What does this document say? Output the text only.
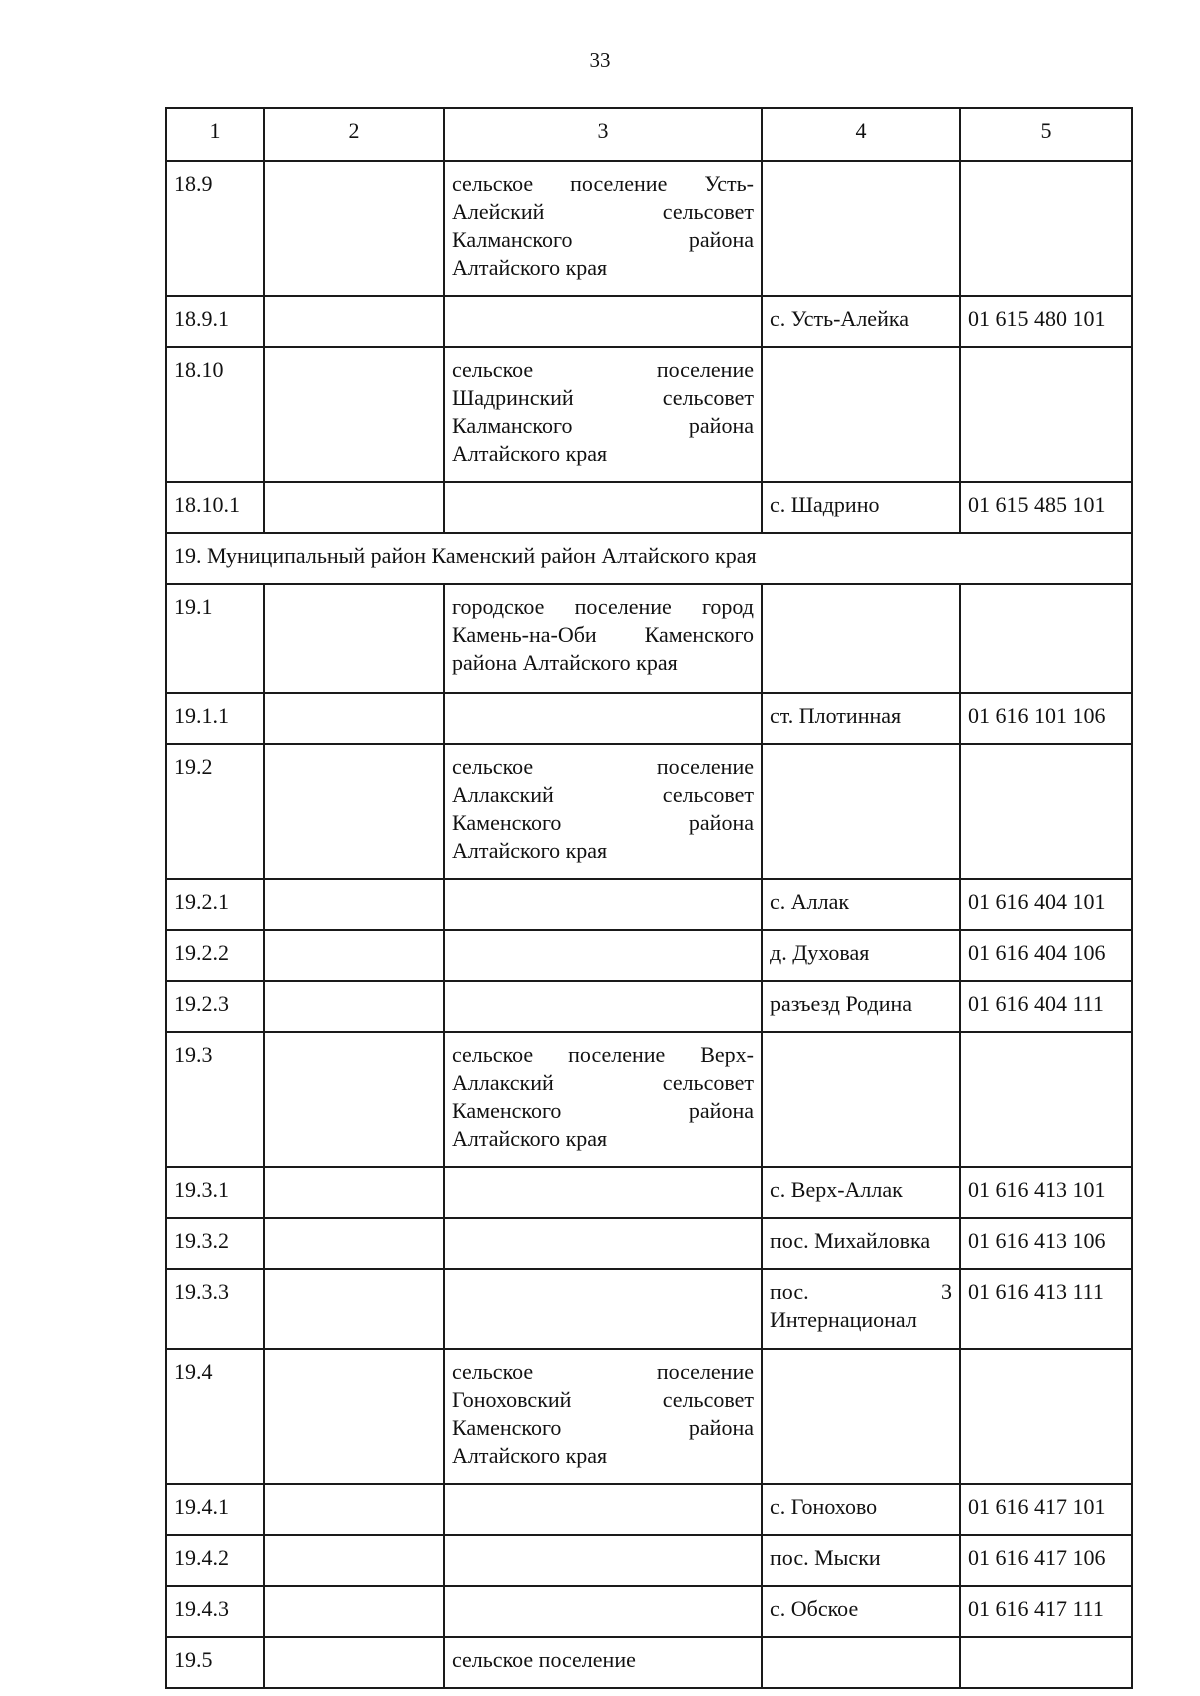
33
1	2	3	4	5
18.9		сельское поселение Усть-
Алейский сельсовет
Калманского района
Алтайского края		

18.9.1			с. Усть-Алейка	01 615 480 101
18.10		сельское поселение
Шадринский сельсовет
Калманского района
Алтайского края		

18.10.1			с. Шадрино	01 615 485 101
19. Муниципальный район Каменский район Алтайского края				
19.1		городское поселение город
Камень-на-Оби Каменского
района Алтайского края		

19.1.1			ст. Плотинная	01 616 101 106
19.2		сельское поселение
Аллакский сельсовет
Каменского района
Алтайского края		

19.2.1			с. Аллак	01 616 404 101
19.2.2			д. Духовая	01 616 404 106
19.2.3			разъезд Родина	01 616 404 111
19.3		сельское поселение Верх-
Аллакский сельсовет
Каменского района
Алтайского края		

19.3.1			с. Верх-Аллак	01 616 413 101
19.3.2			пос. Михайловка	01 616 413 106
19.3.3			пос. 3
Интернационал	01 616 413 111
19.4		сельское поселение
Гоноховский сельсовет
Каменского района
Алтайского края		

19.4.1			с. Гонохово	01 616 417 101
19.4.2			пос. Мыски	01 616 417 106
19.4.3			с. Обское	01 616 417 111
19.5		сельское поселение		
